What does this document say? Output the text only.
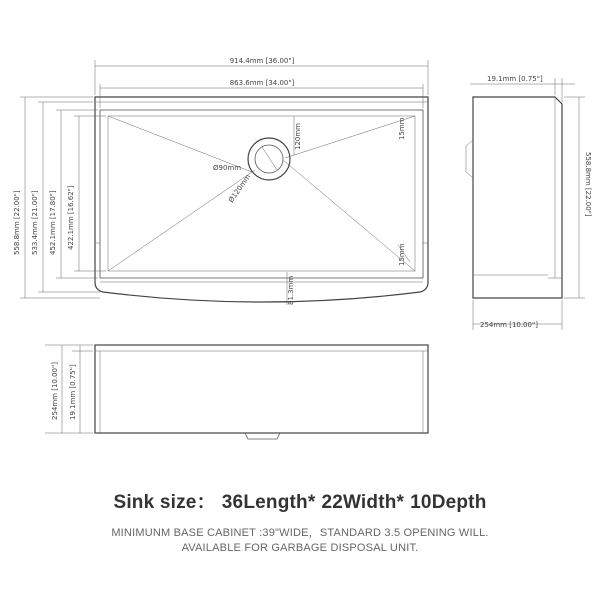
120mm
Ø90mm
Ø120mm
15mm
15mm
81.3mm
914.4mm [36.00"]
863.6mm [34.00"]
558.8mm [22.00"] 533.4mm [21.00"] 452.1mm [17.80"] 422.1mm [16.62"]
19.1mm [0.75"]
558.8mm [22.00"]
254mm [10.00"]
254mm [10.00"] 19.1mm [0.75"]
Sink size： 36Length* 22Width* 10Depth
MINIMUNM BASE CABINET :39"WIDE，STANDARD 3.5 OPENING WILL.
AVAILABLE FOR GARBAGE DISPOSAL UNIT.
